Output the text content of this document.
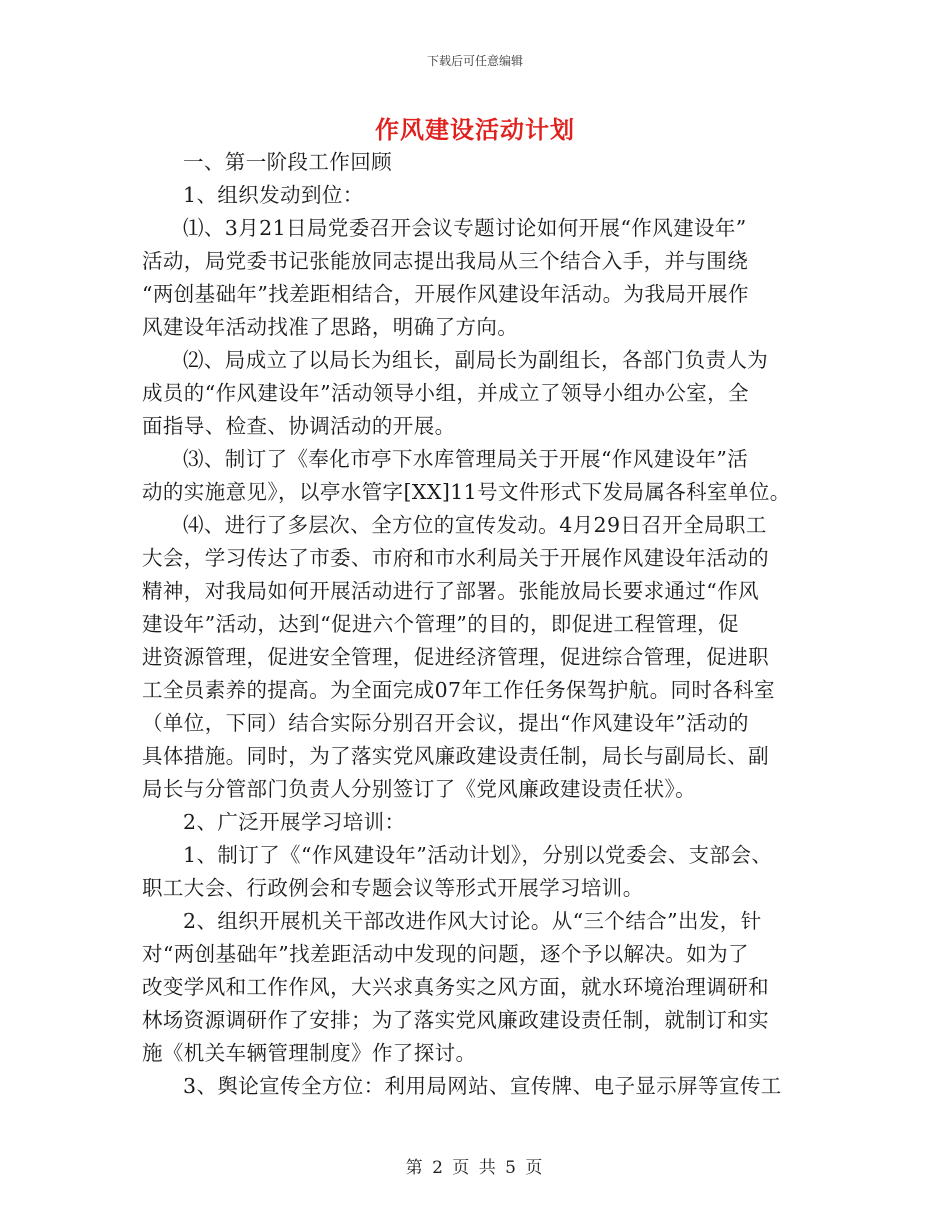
下载后可任意编辑
作风建设活动计划
一、第一阶段工作回顾
1、组织发动到位：
⑴、3月21日局党委召开会议专题讨论如何开展“作风建设年”
活动，局党委书记张能放同志提出我局从三个结合入手，并与围绕
“两创基础年”找差距相结合，开展作风建设年活动。为我局开展作
风建设年活动找准了思路，明确了方向。
⑵、局成立了以局长为组长，副局长为副组长，各部门负责人为
成员的“作风建设年”活动领导小组，并成立了领导小组办公室，全
面指导、检查、协调活动的开展。
⑶、制订了《奉化市亭下水库管理局关于开展“作风建设年”活
动的实施意见》，以亭水管字[XX]11号文件形式下发局属各科室单位。
⑷、进行了多层次、全方位的宣传发动。4月29日召开全局职工
大会，学习传达了市委、市府和市水利局关于开展作风建设年活动的
精神，对我局如何开展活动进行了部署。张能放局长要求通过“作风
建设年”活动，达到“促进六个管理”的目的，即促进工程管理，促
进资源管理，促进安全管理，促进经济管理，促进综合管理，促进职
工全员素养的提高。为全面完成07年工作任务保驾护航。同时各科室
（单位，下同）结合实际分别召开会议，提出“作风建设年”活动的
具体措施。同时，为了落实党风廉政建设责任制，局长与副局长、副
局长与分管部门负责人分别签订了《党风廉政建设责任状》。
2、广泛开展学习培训：
1、制订了《“作风建设年”活动计划》，分别以党委会、支部会、
职工大会、行政例会和专题会议等形式开展学习培训。
2、组织开展机关干部改进作风大讨论。从“三个结合”出发，针
对“两创基础年”找差距活动中发现的问题，逐个予以解决。如为了
改变学风和工作作风，大兴求真务实之风方面，就水环境治理调研和
林场资源调研作了安排；为了落实党风廉政建设责任制，就制订和实
施《机关车辆管理制度》作了探讨。
3、舆论宣传全方位：利用局网站、宣传牌、电子显示屏等宣传工
第 2 页 共 5 页
